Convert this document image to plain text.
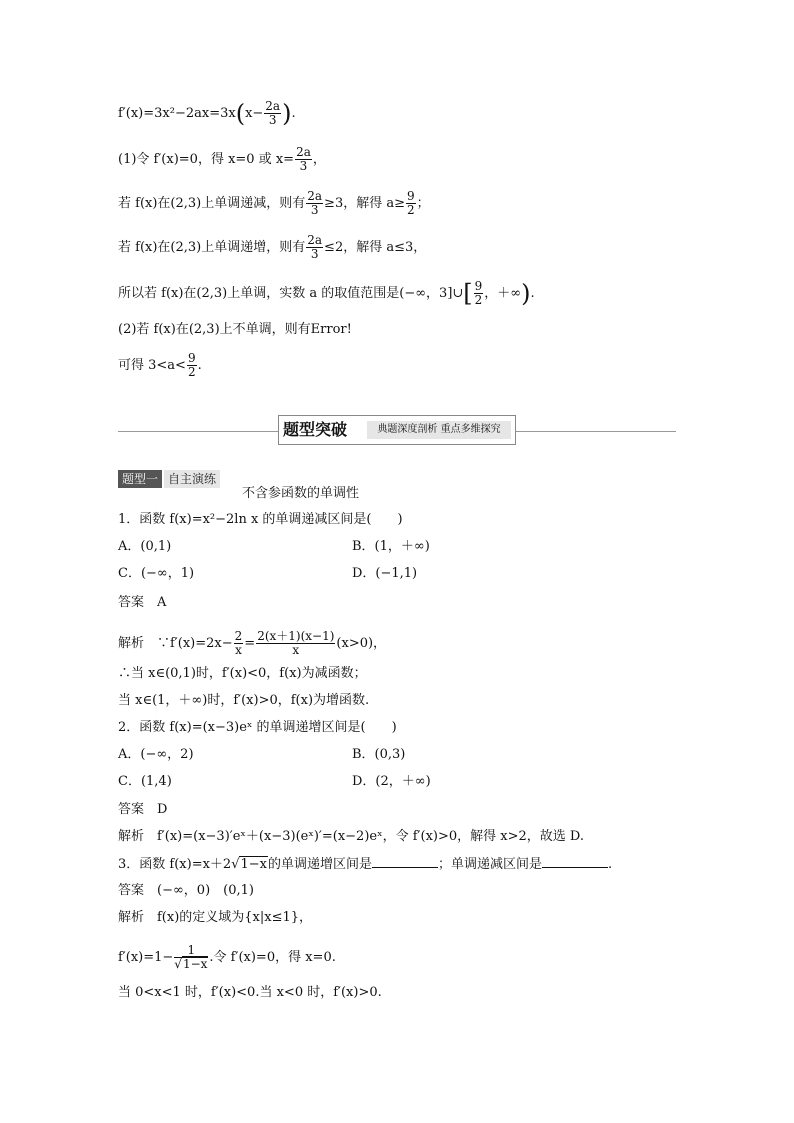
$f'(x)=3x^2-2ax=3x(x- \frac{2a}{3}$ ).
(1)令 f′(x)=0，得 x=0 或 $x= \frac{2a}{3}$ ，
若 f(x)在(2,3)上单调递减，则有 $\frac{2a}{3} \ge 3$，解得 $a\ge \frac{9}{2}$ ；
若 f(x)在(2,3)上单调递增，则有 $\frac{2a}{3} \le 2$，解得 a≤3，
所以若 f(x)在(2,3)上单调，实数 a 的取值范围是(−∞，3]∪[ $\frac{9}{2}$ ，＋∞).
(2)若 f(x)在(2,3)上不单调，则有Error!
可得 $3<a< \frac{9}{2}$ .
题型突破	典题深度剖析 重点多维探究
题型一 自主演练
不含参函数的单调性
1．函数 f(x)=x²−2ln x 的单调递减区间是(　　)
A．(0,1)	B．(1，＋∞)
C．(−∞，1)	D．(−1,1)
答案　A
解析　∵f′(x)=2x− $\frac{2}{x} = \frac{2(x+1)(x-1)}{x} (x>0)$，
∴当 x∈(0,1)时，f′(x)<0，f(x)为减函数；
当 x∈(1，＋∞)时，f′(x)>0，f(x)为增函数.
2．函数 f(x)=(x−3)eˣ 的单调递增区间是(　　)
A．(−∞，2)	B．(0,3)
C．(1,4)	D．(2，＋∞)
答案　D
解析　f′(x)=(x−3)′eˣ＋(x−3)(eˣ)′=(x−2)eˣ，令 f′(x)>0，解得 x>2，故选 D.
3．函数 f(x)=x＋2√1−x的单调递增区间是	；单调递减区间是	.
答案　(−∞，0)　(0,1)
解析　f(x)的定义域为{x|x≤1}，
$f'(x)=1- \frac{1}{√1-x}$ .令 f′(x)=0，得 x=0.
当 0<x<1 时，f′(x)<0.当 x<0 时，f′(x)>0.
